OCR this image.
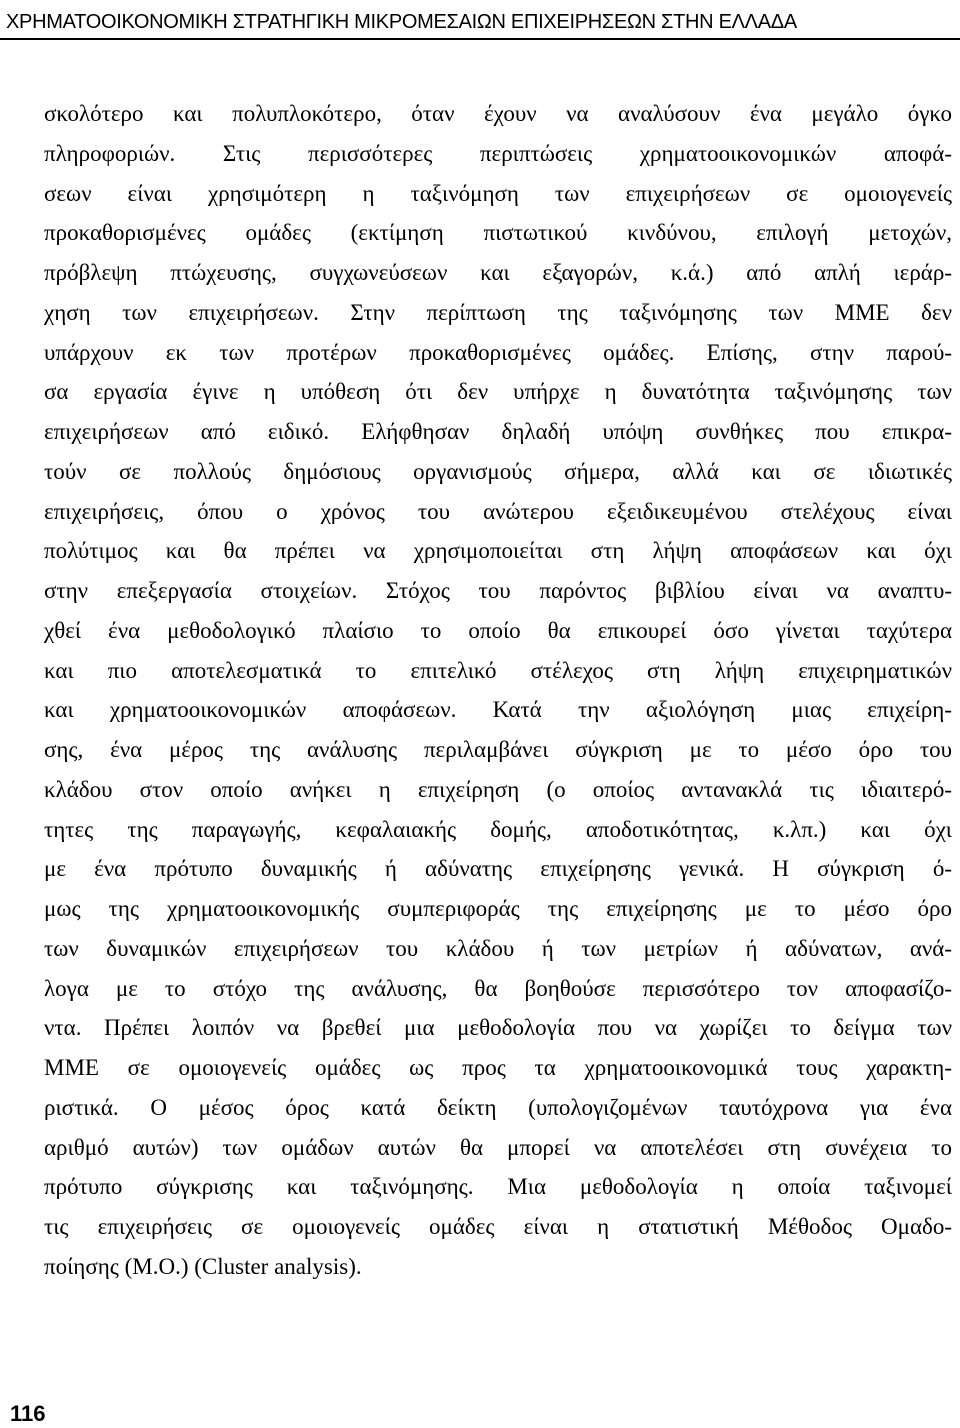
ΧΡΗΜΑΤΟΟΙΚΟΝΟΜΙΚΗ ΣΤΡΑΤΗΓΙΚΗ ΜΙΚΡΟΜΕΣΑΙΩΝ ΕΠΙΧΕΙΡΗΣΕΩΝ ΣΤΗΝ ΕΛΛΑΔΑ
σκολότερο και πολυπλοκότερο, όταν έχουν να αναλύσουν ένα μεγάλο όγκο
πληροφοριών. Στις περισσότερες περιπτώσεις χρηματοοικονομικών αποφά-
σεων είναι χρησιμότερη η ταξινόμηση των επιχειρήσεων σε ομοιογενείς
προκαθορισμένες ομάδες (εκτίμηση πιστωτικού κινδύνου, επιλογή μετοχών,
πρόβλεψη πτώχευσης, συγχωνεύσεων και εξαγορών, κ.ά.) από απλή ιεράρ-
χηση των επιχειρήσεων. Στην περίπτωση της ταξινόμησης των ΜΜΕ δεν
υπάρχουν εκ των προτέρων προκαθορισμένες ομάδες. Επίσης, στην παρού-
σα εργασία έγινε η υπόθεση ότι δεν υπήρχε η δυνατότητα ταξινόμησης των
επιχειρήσεων από ειδικό. Ελήφθησαν δηλαδή υπόψη συνθήκες που επικρα-
τούν σε πολλούς δημόσιους οργανισμούς σήμερα, αλλά και σε ιδιωτικές
επιχειρήσεις, όπου ο χρόνος του ανώτερου εξειδικευμένου στελέχους είναι
πολύτιμος και θα πρέπει να χρησιμοποιείται στη λήψη αποφάσεων και όχι
στην επεξεργασία στοιχείων. Στόχος του παρόντος βιβλίου είναι να αναπτυ-
χθεί ένα μεθοδολογικό πλαίσιο το οποίο θα επικουρεί όσο γίνεται ταχύτερα
και πιο αποτελεσματικά το επιτελικό στέλεχος στη λήψη επιχειρηματικών
και χρηματοοικονομικών αποφάσεων. Κατά την αξιολόγηση μιας επιχείρη-
σης, ένα μέρος της ανάλυσης περιλαμβάνει σύγκριση με το μέσο όρο του
κλάδου στον οποίο ανήκει η επιχείρηση (ο οποίος αντανακλά τις ιδιαιτερό-
τητες της παραγωγής, κεφαλαιακής δομής, αποδοτικότητας, κ.λπ.) και όχι
με ένα πρότυπο δυναμικής ή αδύνατης επιχείρησης γενικά. Η σύγκριση ό-
μως της χρηματοοικονομικής συμπεριφοράς της επιχείρησης με το μέσο όρο
των δυναμικών επιχειρήσεων του κλάδου ή των μετρίων ή αδύνατων, ανά-
λογα με το στόχο της ανάλυσης, θα βοηθούσε περισσότερο τον αποφασίζο-
ντα. Πρέπει λοιπόν να βρεθεί μια μεθοδολογία που να χωρίζει το δείγμα των
ΜΜΕ σε ομοιογενείς ομάδες ως προς τα χρηματοοικονομικά τους χαρακτη-
ριστικά. Ο μέσος όρος κατά δείκτη (υπολογιζομένων ταυτόχρονα για ένα
αριθμό αυτών) των ομάδων αυτών θα μπορεί να αποτελέσει στη συνέχεια το
πρότυπο σύγκρισης και ταξινόμησης. Μια μεθοδολογία η οποία ταξινομεί
τις επιχειρήσεις σε ομοιογενείς ομάδες είναι η στατιστική Μέθοδος Ομαδο-
ποίησης (Μ.Ο.) (Cluster analysis).
116
